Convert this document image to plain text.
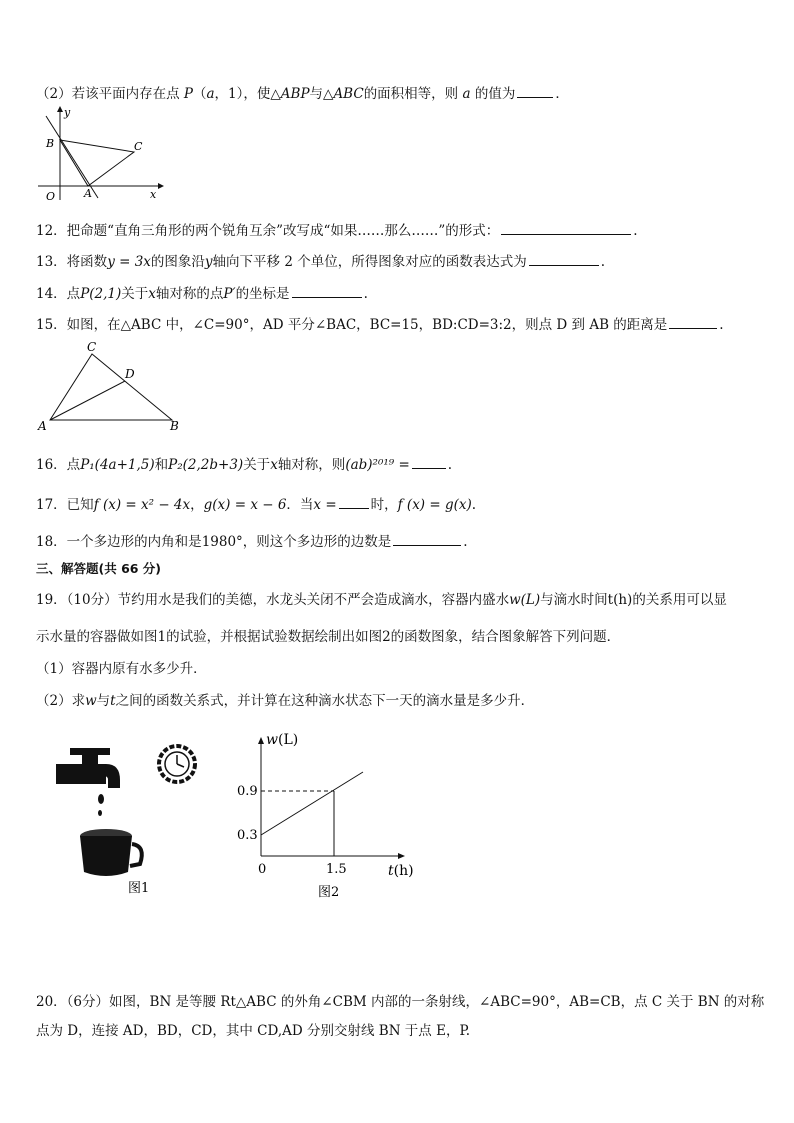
（2）若该平面内存在点 P（a，1），使△ABP与△ABC的面积相等，则 a 的值为	．
y
x
O	A
B	C
12．把命题“直角三角形的两个锐角互余”改写成“如果……那么……”的形式：	.
13．将函数y = 3x的图象沿y轴向下平移 2 个单位，所得图象对应的函数表达式为	.
14．点P(2,1)关于x轴对称的点P′的坐标是	.
15．如图，在△ABC 中，∠C=90°，AD 平分∠BAC，BC=15，BD:CD=3:2，则点 D 到 AB 的距离是	.
A	B
C
D
16．点P₁(4a+1,5)和P₂(2,2b+3)关于x轴对称，则(ab)²⁰¹⁹ =	.
17．已知f (x) = x² − 4x，g(x) = x − 6．当x =	时，f (x) = g(x).
18．一个多边形的内角和是1980°，则这个多边形的边数是	.
三、解答题(共 66 分)
19．（10分）节约用水是我们的美德，水龙头关闭不严会造成滴水，容器内盛水w(L)与滴水时间t(h)的关系用可以显
示水量的容器做如图1的试验，并根据试验数据绘制出如图2的函数图象，结合图象解答下列问题．
（1）容器内原有水多少升．
（2）求w与t之间的函数关系式，并计算在这种滴水状态下一天的滴水量是多少升．
图1
w(L)
t(h)
0.9
0.3
0	1.5
图2
20．（6分）如图，BN 是等腰 Rt△ABC 的外角∠CBM 内部的一条射线，∠ABC=90°，AB=CB，点 C 关于 BN 的对称
点为 D，连接 AD，BD，CD，其中 CD,AD 分别交射线 BN 于点 E，P.
